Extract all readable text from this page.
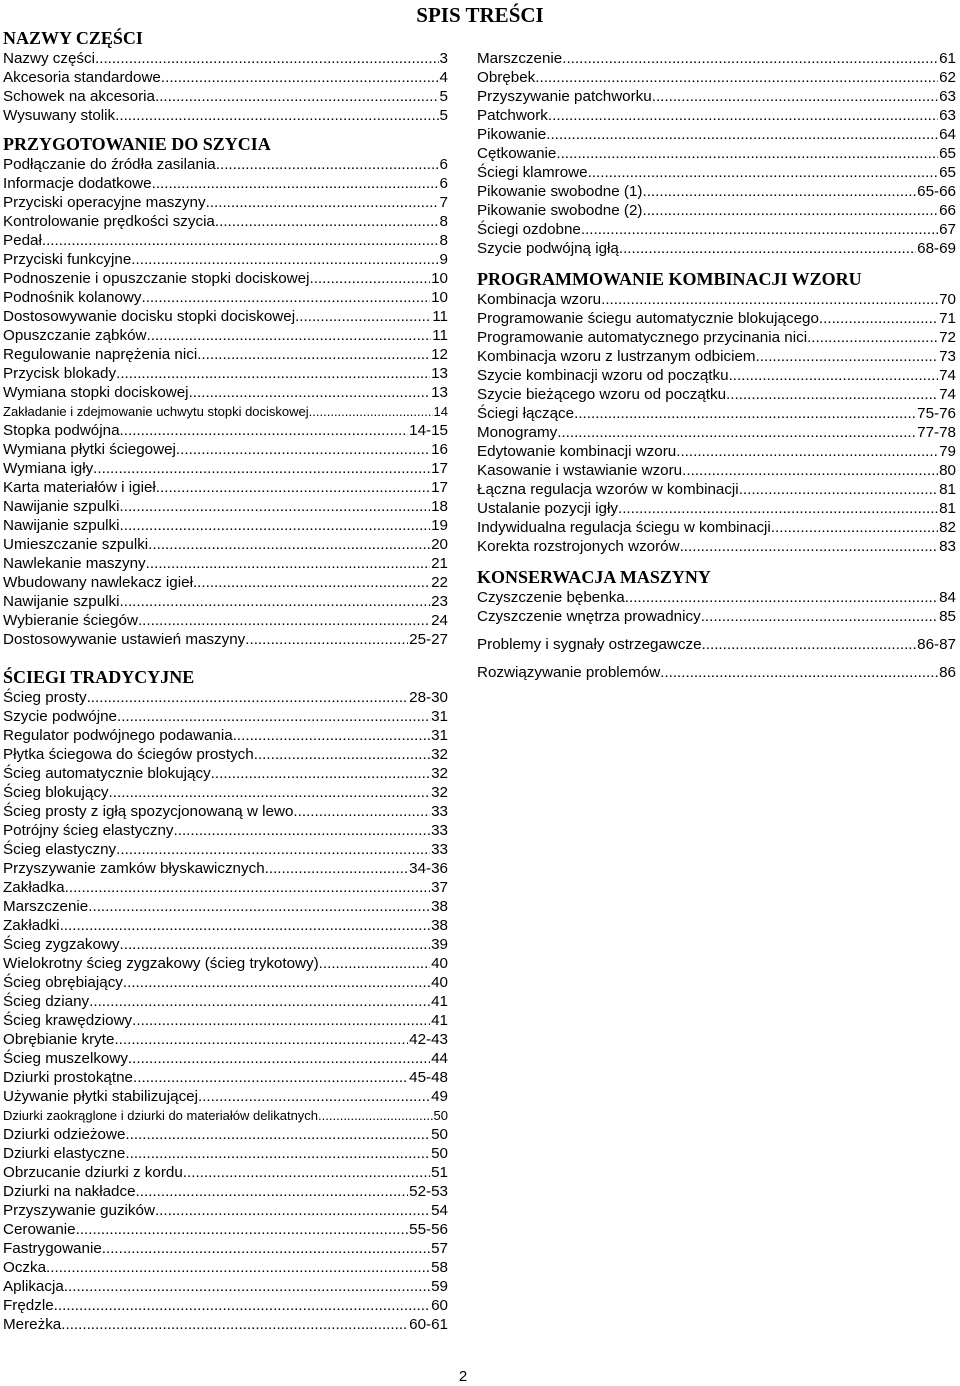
SPIS TREŚCI
NAZWY CZĘŚCI
Nazwy części .....	3
Akcesoria standardowe .....	4
Schowek na akcesoria .....	5
Wysuwany stolik .....	5
PRZYGOTOWANIE DO SZYCIA
Podłączanie do źródła zasilania .....	6
Informacje dodatkowe .....	6
Przyciski operacyjne maszyny .....	7
Kontrolowanie prędkości szycia .....	8
Pedał .....	8
Przyciski funkcyjne .....	9
Podnoszenie i opuszczanie stopki dociskowej .....	10
Podnośnik kolanowy .....	10
Dostosowywanie docisku stopki dociskowej .....	11
Opuszczanie ząbków .....	11
Regulowanie naprężenia nici .....	12
Przycisk blokady .....	13
Wymiana stopki dociskowej .....	13
Zakładanie i zdejmowanie uchwytu stopki dociskowej .....	14
Stopka podwójna .....	14-15
Wymiana płytki ściegowej .....	16
Wymiana igły .....	17
Karta materiałów i igieł .....	17
Nawijanie szpulki .....	18
Nawijanie szpulki .....	19
Umieszczanie szpulki .....	20
Nawlekanie maszyny .....	21
Wbudowany nawlekacz igieł .....	22
Nawijanie szpulki .....	23
Wybieranie ściegów .....	24
Dostosowywanie ustawień maszyny .....	25-27
ŚCIEGI TRADYCYJNE
Ścieg prosty .....	28-30
Szycie podwójne .....	31
Regulator podwójnego podawania .....	31
Płytka ściegowa do ściegów prostych .....	32
Ścieg automatycznie blokujący .....	32
Ścieg blokujący .....	32
Ścieg prosty z igłą spozycjonowaną w lewo .....	33
Potrójny ścieg elastyczny .....	33
Ścieg elastyczny .....	33
Przyszywanie zamków błyskawicznych .....	34-36
Zakładka .....	37
Marszczenie .....	38
Zakładki .....	38
Ścieg zygzakowy .....	39
Wielokrotny ścieg zygzakowy (ścieg trykotowy) .....	40
Ścieg obrębiający .....	40
Ścieg dziany .....	41
Ścieg krawędziowy .....	41
Obrębianie kryte .....	42-43
Ścieg muszelkowy .....	44
Dziurki prostokątne .....	45-48
Używanie płytki stabilizującej .....	49
Dziurki zaokrąglone i dziurki do materiałów delikatnych .....	50
Dziurki odzieżowe .....	50
Dziurki elastyczne .....	50
Obrzucanie dziurki z kordu .....	51
Dziurki na nakładce .....	52-53
Przyszywanie guzików .....	54
Cerowanie .....	55-56
Fastrygowanie .....	57
Oczka .....	58
Aplikacja .....	59
Frędzle .....	60
Mereżka .....	60-61
Marszczenie .....	61
Obrębek .....	62
Przyszywanie patchworku .....	63
Patchwork .....	63
Pikowanie .....	64
Cętkowanie .....	65
Ściegi klamrowe .....	65
Pikowanie swobodne (1) .....	65-66
Pikowanie swobodne (2) .....	66
Ściegi ozdobne .....	67
Szycie podwójną igłą .....	68-69
PROGRAMMOWANIE KOMBINACJI WZORU
Kombinacja wzoru .....	70
Programowanie ściegu automatycznie blokującego .....	71
Programowanie automatycznego przycinania nici .....	72
Kombinacja wzoru z lustrzanym odbiciem .....	73
Szycie kombinacji wzoru od początku .....	74
Szycie bieżącego wzoru od początku .....	74
Ściegi łączące .....	75-76
Monogramy .....	77-78
Edytowanie kombinacji wzoru .....	79
Kasowanie i wstawianie wzoru .....	80
Łączna regulacja wzorów w kombinacji .....	81
Ustalanie pozycji igły .....	81
Indywidualna regulacja ściegu w kombinacji .....	82
Korekta rozstrojonych wzorów .....	83
KONSERWACJA MASZYNY
Czyszczenie bębenka .....	84
Czyszczenie wnętrza prowadnicy .....	85
Problemy i sygnały ostrzegawcze .....	86-87
Rozwiązywanie problemów .....	86
2
